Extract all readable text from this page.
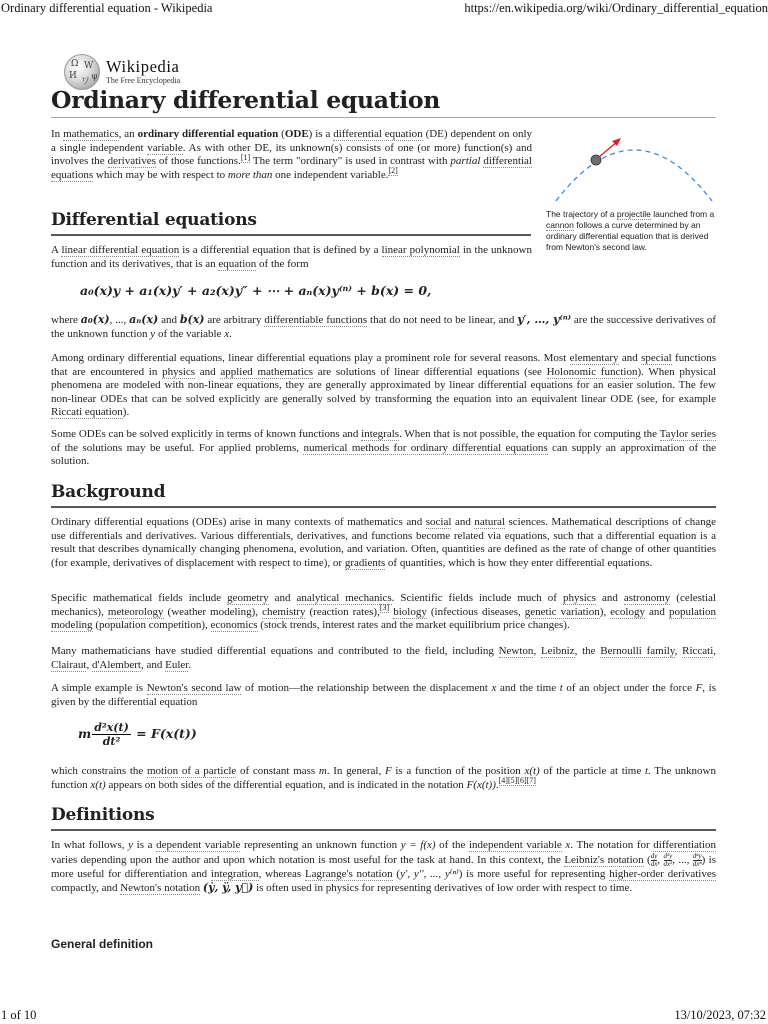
Ordinary differential equation - Wikipedia	https://en.wikipedia.org/wiki/Ordinary_differential_equation
1 of 10	13/10/2023, 07:32
Ω W
И
ワ ψ
Wikipedia
The Free Encyclopedia
Ordinary differential equation
In mathematics, an ordinary differential equation (ODE) is a differential equation (DE) dependent on only a single independent variable. As with other DE, its unknown(s) consists of one (or more) function(s) and involves the derivatives of those functions.[1] The term "ordinary" is used in contrast with partial differential equations which may be with respect to more than one independent variable.[2]
The trajectory of a projectile launched from a cannon follows a curve determined by an ordinary differential equation that is derived from Newton's second law.
Differential equations
A linear differential equation is a differential equation that is defined by a linear polynomial in the unknown function and its derivatives, that is an equation of the form
a₀(x)y + a₁(x)y′ + a₂(x)y″ + ⋯ + aₙ(x)y⁽ⁿ⁾ + b(x) = 0,
where a₀(x), ..., aₙ(x) and b(x) are arbitrary differentiable functions that do not need to be linear, and y′, …, y⁽ⁿ⁾ are the successive derivatives of the unknown function y of the variable x.
Among ordinary differential equations, linear differential equations play a prominent role for several reasons. Most elementary and special functions that are encountered in physics and applied mathematics are solutions of linear differential equations (see Holonomic function). When physical phenomena are modeled with non-linear equations, they are generally approximated by linear differential equations for an easier solution. The few non-linear ODEs that can be solved explicitly are generally solved by transforming the equation into an equivalent linear ODE (see, for example Riccati equation).
Some ODEs can be solved explicitly in terms of known functions and integrals. When that is not possible, the equation for computing the Taylor series of the solutions may be useful. For applied problems, numerical methods for ordinary differential equations can supply an approximation of the solution.
Background
Ordinary differential equations (ODEs) arise in many contexts of mathematics and social and natural sciences. Mathematical descriptions of change use differentials and derivatives. Various differentials, derivatives, and functions become related via equations, such that a differential equation is a result that describes dynamically changing phenomena, evolution, and variation. Often, quantities are defined as the rate of change of other quantities (for example, derivatives of displacement with respect to time), or gradients of quantities, which is how they enter differential equations.
Specific mathematical fields include geometry and analytical mechanics. Scientific fields include much of physics and astronomy (celestial mechanics), meteorology (weather modeling), chemistry (reaction rates),[3] biology (infectious diseases, genetic variation), ecology and population modeling (population competition), economics (stock trends, interest rates and the market equilibrium price changes).
Many mathematicians have studied differential equations and contributed to the field, including Newton, Leibniz, the Bernoulli family, Riccati, Clairaut, d'Alembert, and Euler.
A simple example is Newton's second law of motion—the relationship between the displacement x and the time t of an object under the force F, is given by the differential equation
m $\frac{\text{d²x(t)}}{\text{dt²}} = F(x(t))$
which constrains the motion of a particle of constant mass m. In general, F is a function of the position x(t) of the particle at time t. The unknown function x(t) appears on both sides of the differential equation, and is indicated in the notation F(x(t)).[4][5][6][7]
Definitions
In what follows, y is a dependent variable representing an unknown function y = f(x) of the independent variable x. The notation for differentiation varies depending upon the author and upon which notation is most useful for the task at hand. In this context, the Leibniz's notation ( $\frac{dy}{dx}$ , $\frac{\text{d²y}}{\text{dx²}}$ , ..., $\frac{\text{dⁿy}}{\text{dxⁿ}}$ ) is more useful for differentiation and integration, whereas Lagrange's notation (y′, y′′, ..., y⁽ⁿ⁾) is more useful for representing higher-order derivatives compactly, and Newton's notation (ẏ, ÿ, y⃛) is often used in physics for representing derivatives of low order with respect to time.
General definition
